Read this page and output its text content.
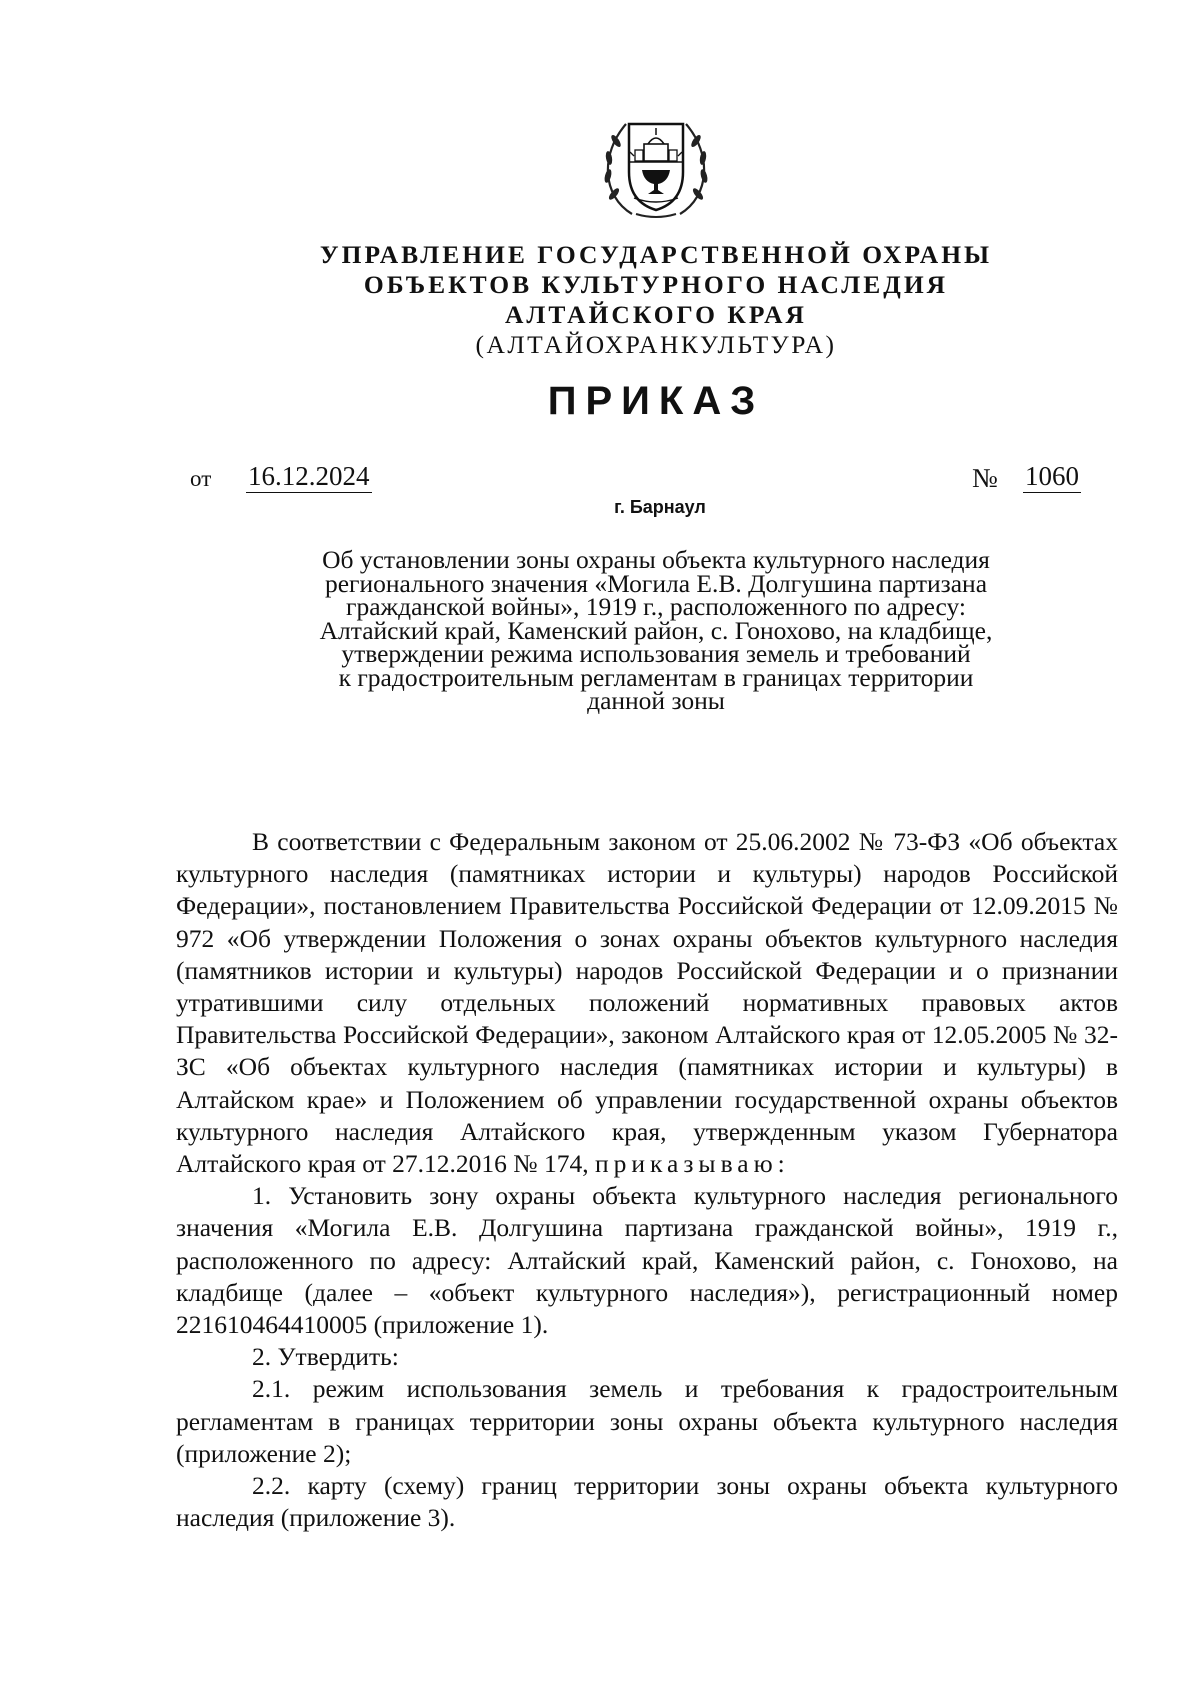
УПРАВЛЕНИЕ ГОСУДАРСТВЕННОЙ ОХРАНЫ
ОБЪЕКТОВ КУЛЬТУРНОГО НАСЛЕДИЯ
АЛТАЙСКОГО КРАЯ
(АЛТАЙОХРАНКУЛЬТУРА)
ПРИКАЗ
от 16.12.2024	№ 1060
г. Барнаул
Об установлении зоны охраны объекта культурного наследия
регионального значения «Могила Е.В. Долгушина партизана
гражданской войны», 1919 г., расположенного по адресу:
Алтайский край, Каменский район, с. Гонохово, на кладбище,
утверждении режима использования земель и требований
к градостроительным регламентам в границах территории
данной зоны

В соответствии с Федеральным законом от 25.06.2002 № 73-ФЗ «Об объектах культурного наследия (памятниках истории и культуры) народов Российской Федерации», постановлением Правительства Российской Федерации от 12.09.2015 № 972 «Об утверждении Положения о зонах охраны объектов культурного наследия (памятников истории и культуры) народов Российской Федерации и о признании утратившими силу отдельных положений нормативных правовых актов Правительства Российской Федерации», законом Алтайского края от 12.05.2005 № 32-ЗС «Об объектах культурного наследия (памятниках истории и культуры) в Алтайском крае» и Положением об управлении государственной охраны объектов культурного наследия Алтайского края, утвержденным указом Губернатора Алтайского края от 27.12.2016 № 174, приказываю:

1. Установить зону охраны объекта культурного наследия регионального значения «Могила Е.В. Долгушина партизана гражданской войны», 1919 г., расположенного по адресу: Алтайский край, Каменский район, с. Гонохово, на кладбище (далее – «объект культурного наследия»), регистрационный номер 221610464410005 (приложение 1).

2. Утвердить:

2.1. режим использования земель и требования к градостроительным регламентам в границах территории зоны охраны объекта культурного наследия (приложение 2);

2.2. карту (схему) границ территории зоны охраны объекта культурного наследия (приложение 3).
